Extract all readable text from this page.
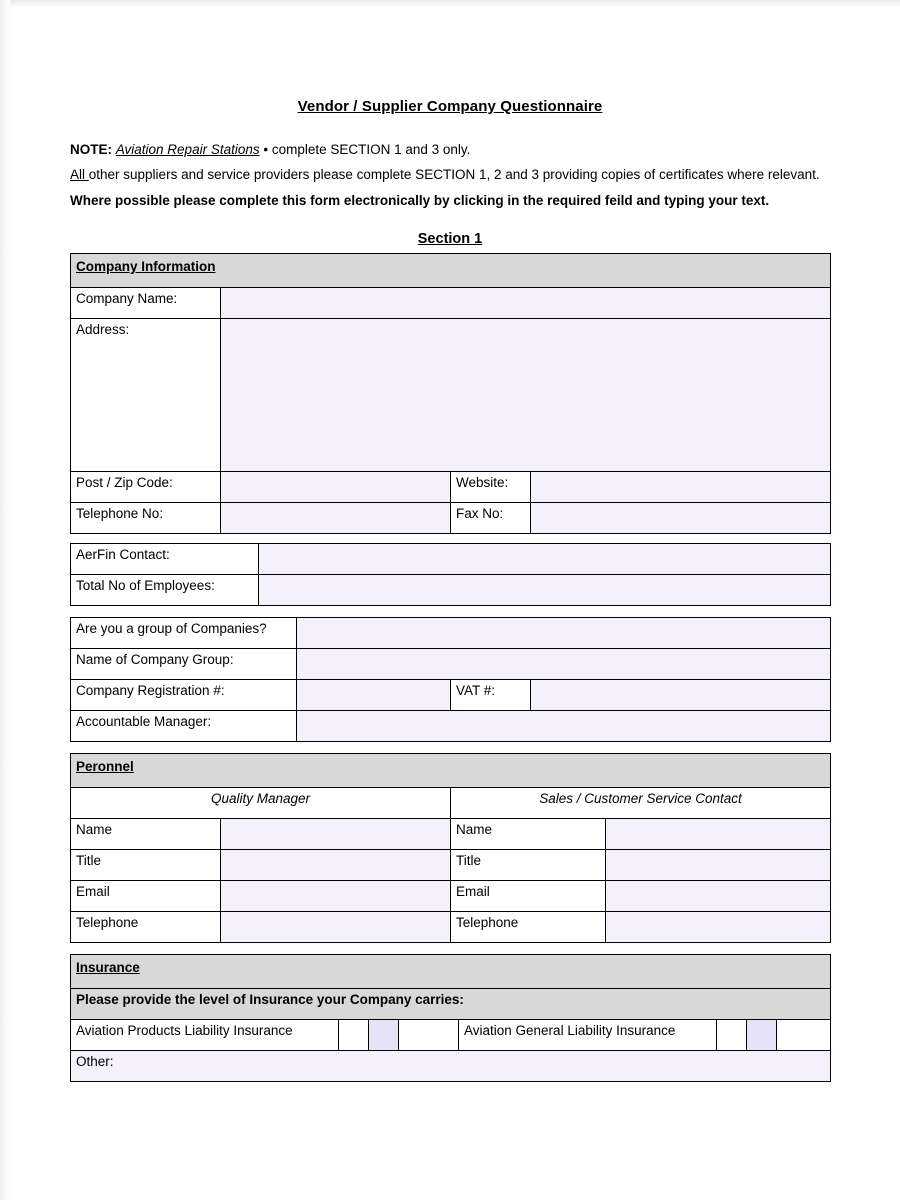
Vendor / Supplier Company Questionnaire
NOTE: Aviation Repair Stations • complete SECTION 1 and 3 only.
All other suppliers and service providers please complete SECTION 1, 2 and 3 providing copies of certificates where relevant. Where possible please complete this form electronically by clicking in the required feild and typing your text.
Section 1
Company Information			
Company Name:			
Address:			
Post / Zip Code:		Website:	
Telephone No:		Fax No:	

AerFin Contact:	
Total No of Employees:	
Are you a group of Companies?			
Name of Company Group:			
Company Registration #:		VAT #:	
Accountable Manager:			
Peronnel			
Quality Manager		Sales / Customer Service Contact	
Name		Name	
Title		Title	
Email		Email	
Telephone		Telephone	
Insurance
Please provide the level of Insurance your Company carries:
Aviation Products Liability Insurance				Aviation General Liability Insurance			
Other:
